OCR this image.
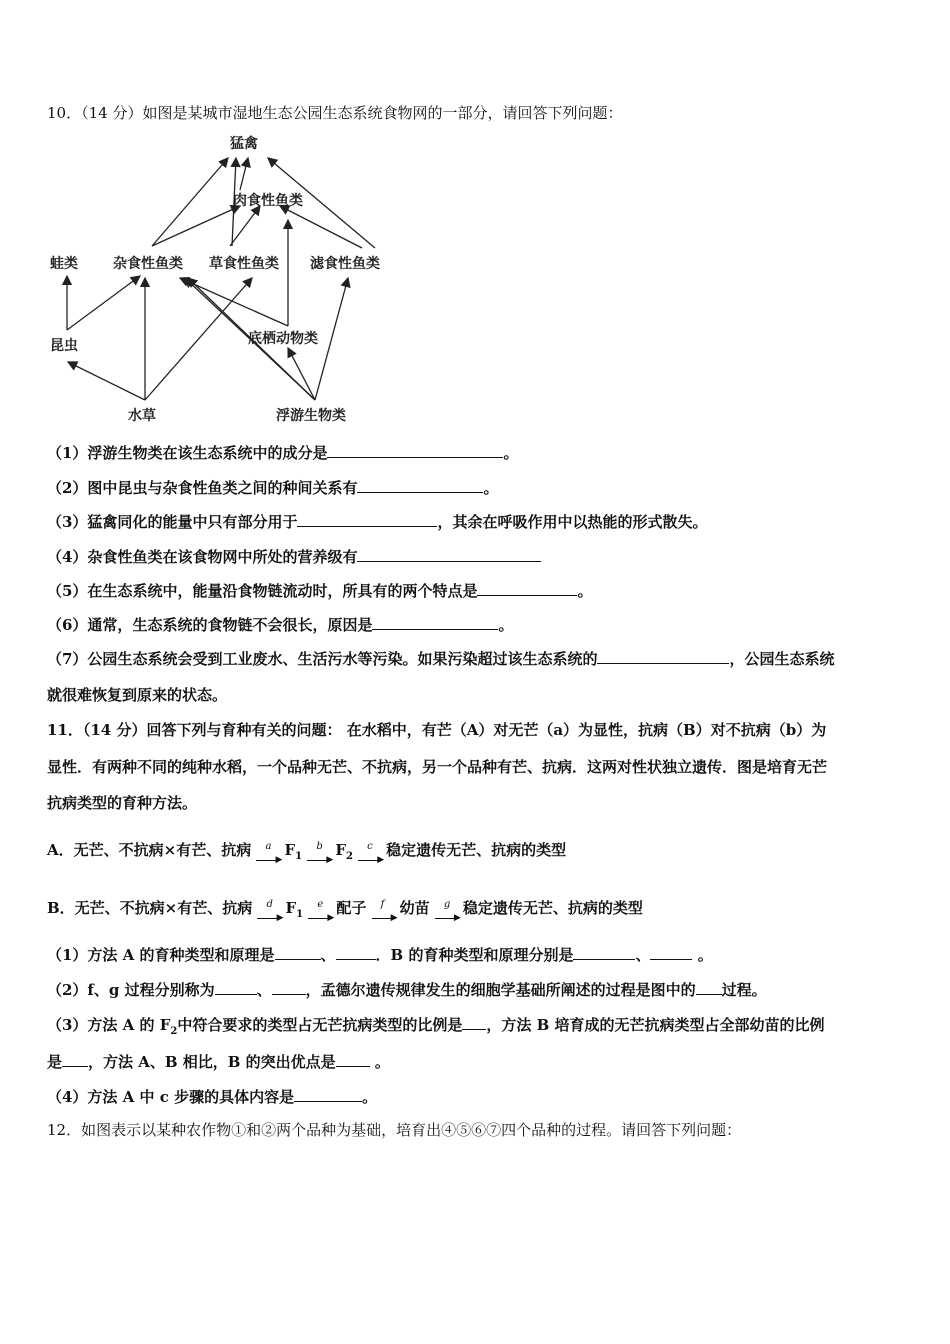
10．（14 分）如图是某城市湿地生态公园生态系统食物网的一部分，请回答下列问题：
猛禽
肉食性鱼类
蛙类	杂食性鱼类 草食性鱼类 滤食性鱼类
昆虫	底栖动物类
水草	浮游生物类
（1）浮游生物类在该生态系统中的成分是	。
（2）图中昆虫与杂食性鱼类之间的种间关系有	。
（3）猛禽同化的能量中只有部分用于	，其余在呼吸作用中以热能的形式散失。
（4）杂食性鱼类在该食物网中所处的营养级有
（5）在生态系统中，能量沿食物链流动时，所具有的两个特点是	。
（6）通常，生态系统的食物链不会很长，原因是	。
（7）公园生态系统会受到工业废水、生活污水等污染。如果污染超过该生态系统的	，公园生态系统
就很难恢复到原来的状态。
11．（14 分）回答下列与育种有关的问题： 在水稻中，有芒（A）对无芒（a）为显性，抗病（B）对不抗病（b）为
显性．有两种不同的纯种水稻，一个品种无芒、不抗病，另一个品种有芒、抗病．这两对性状独立遗传．图是培育无芒
抗病类型的育种方法。
A．无芒、不抗病×有芒、抗病 a
▶
$F_1$
b
▶
$F_2$
c
▶
稳定遗传无芒、抗病的类型
B．无芒、不抗病×有芒、抗病 d
▶
$F_1$
e
▶
配子 f
▶
幼苗 g
▶
稳定遗传无芒、抗病的类型
（1）方法 A 的育种类型和原理是	、	．B 的育种类型和原理分别是	、	。
（2）f、g 过程分别称为	、 ，孟德尔遗传规律发生的细胞学基础所阐述的过程是图中的 过程。
（3）方法 A 的 $F_2$中符合要求的类型占无芒抗病类型的比例是 ，方法 B 培育成的无芒抗病类型占全部幼苗的比例
是 ，方法 A、B 相比，B 的突出优点是 。
（4）方法 A 中 c 步骤的具体内容是	。
12．如图表示以某种农作物①和②两个品种为基础，培育出④⑤⑥⑦四个品种的过程。请回答下列问题：
